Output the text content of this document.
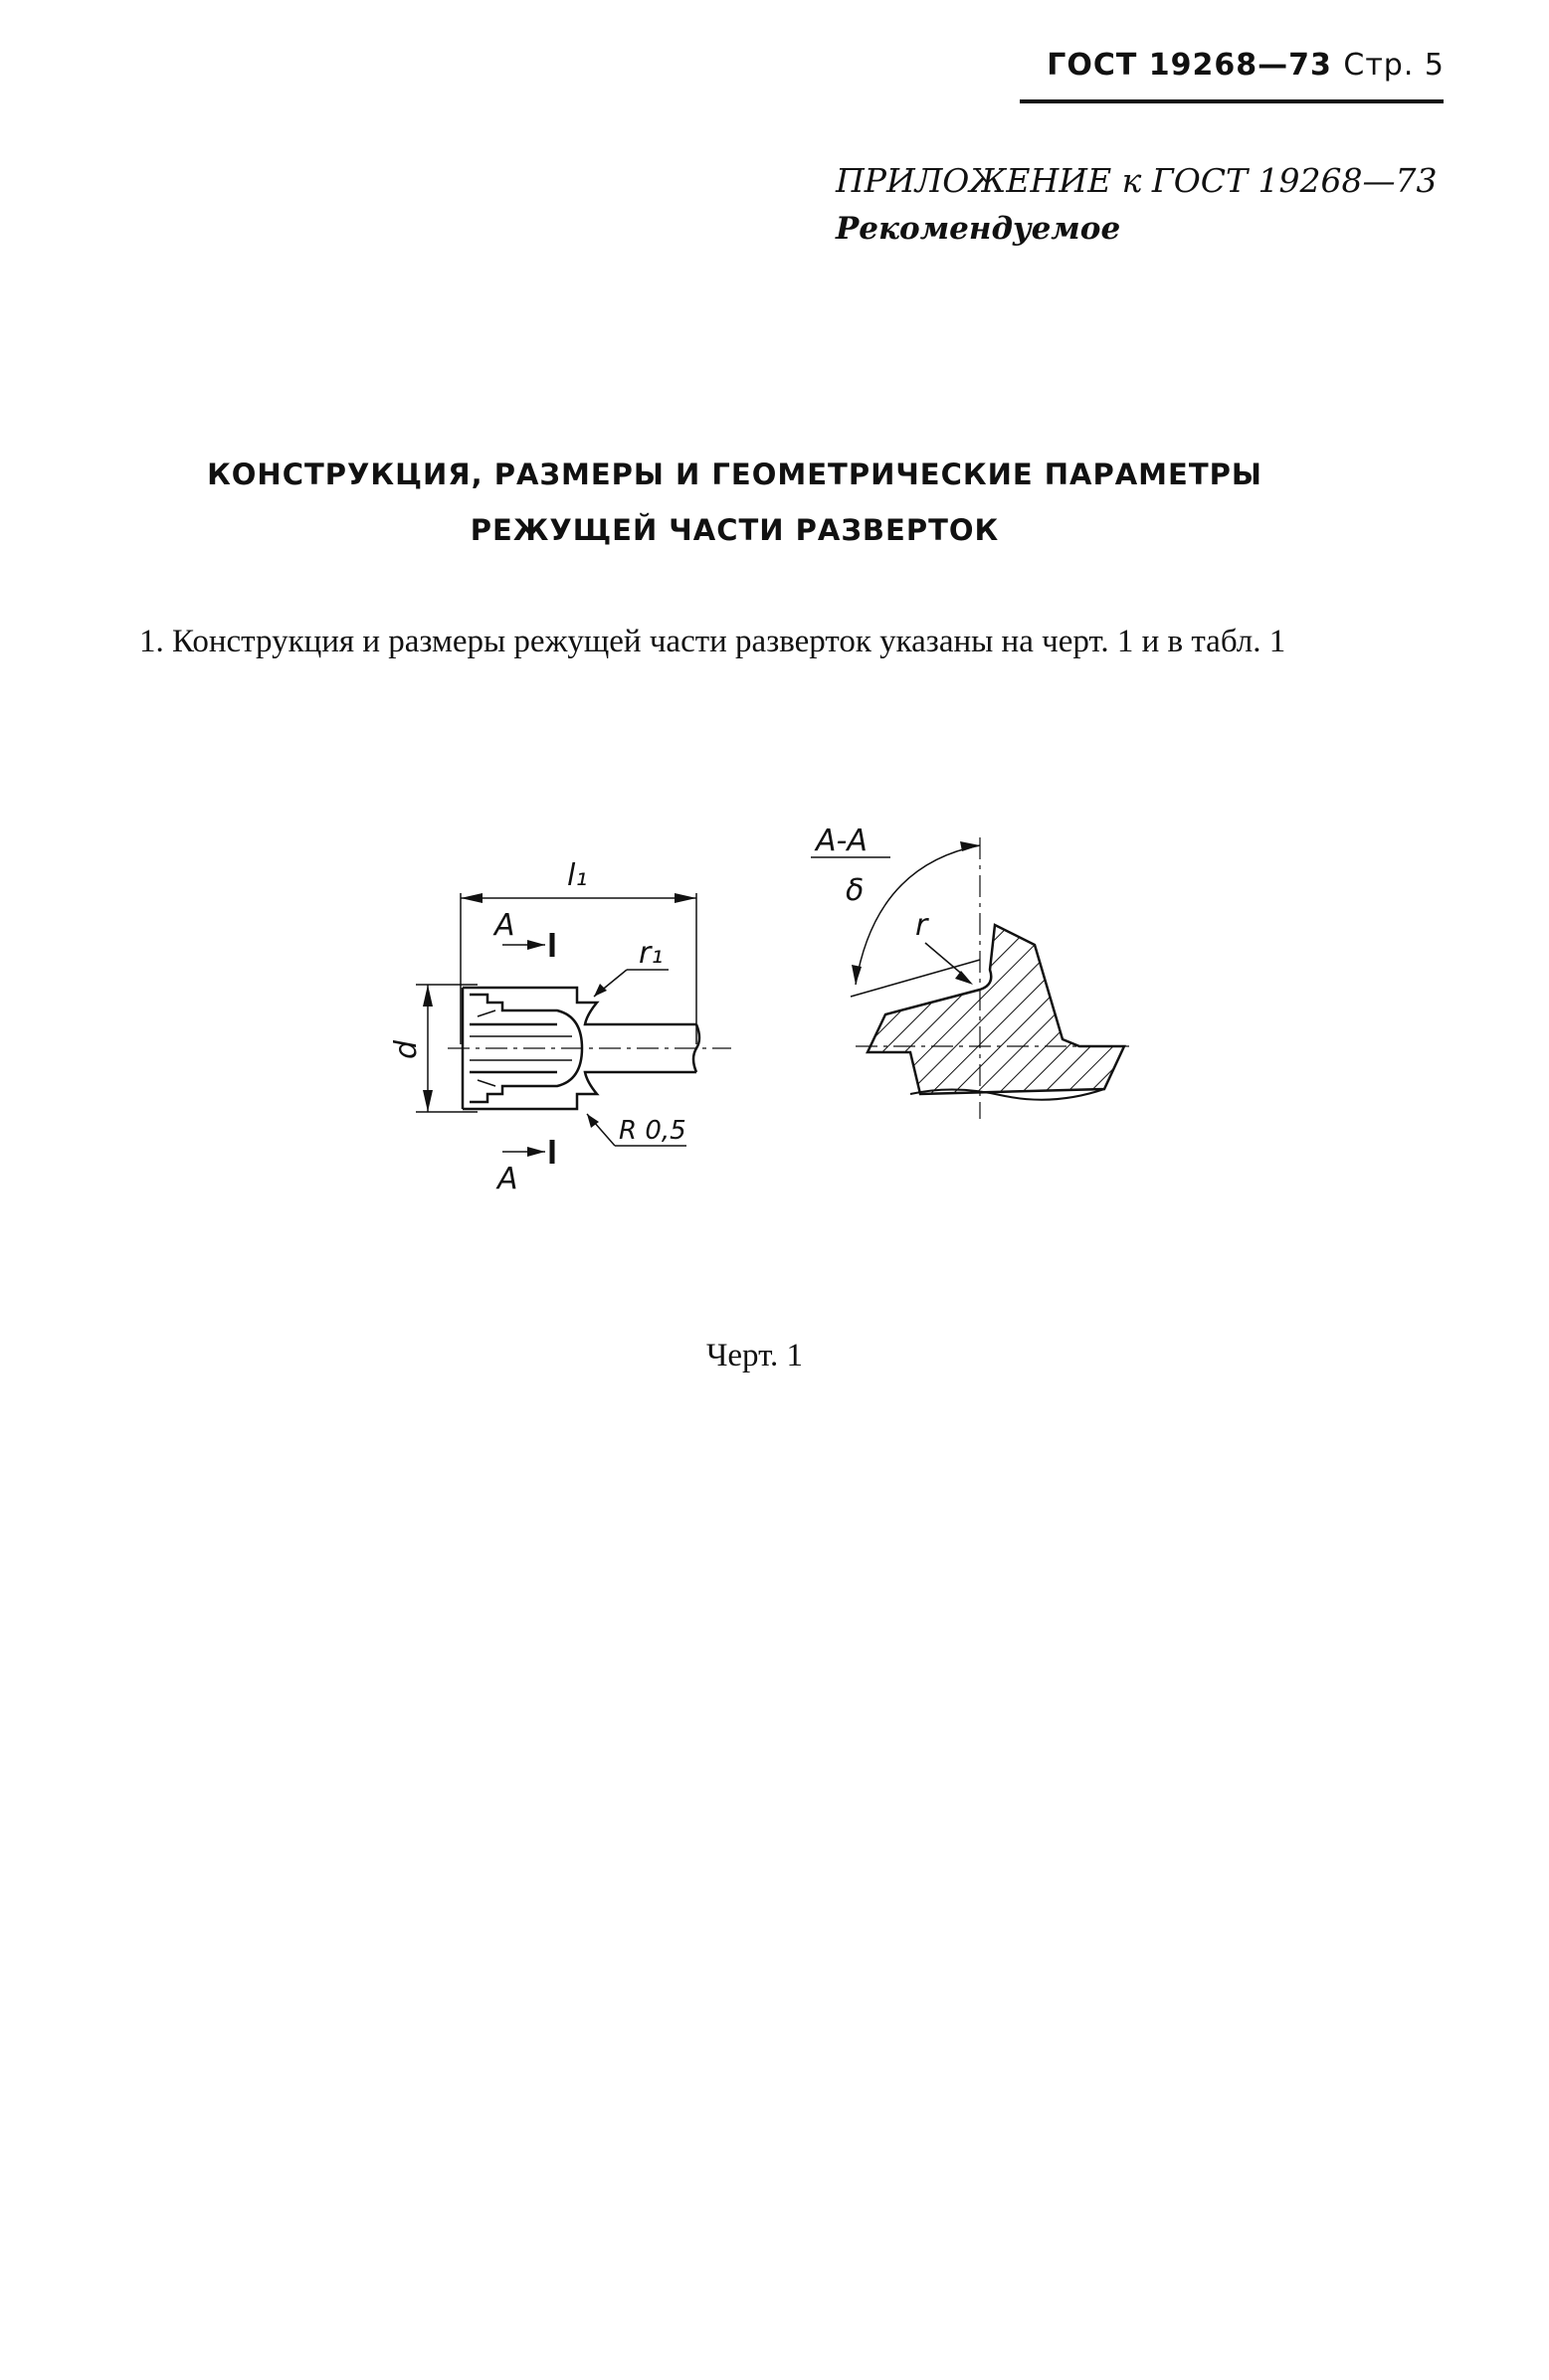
ГОСТ 19268—73 Стр. 5
ПРИЛОЖЕНИЕ к ГОСТ 19268—73
Рекомендуемое
КОНСТРУКЦИЯ, РАЗМЕРЫ И ГЕОМЕТРИЧЕСКИЕ ПАРАМЕТРЫ
РЕЖУЩЕЙ ЧАСТИ РАЗВЕРТОК
1. Конструкция и размеры режущей части разверток указаны на черт. 1 и в табл. 1
l₁
d
A
A
r₁
R 0,5
A-A
δ
r
Черт. 1
